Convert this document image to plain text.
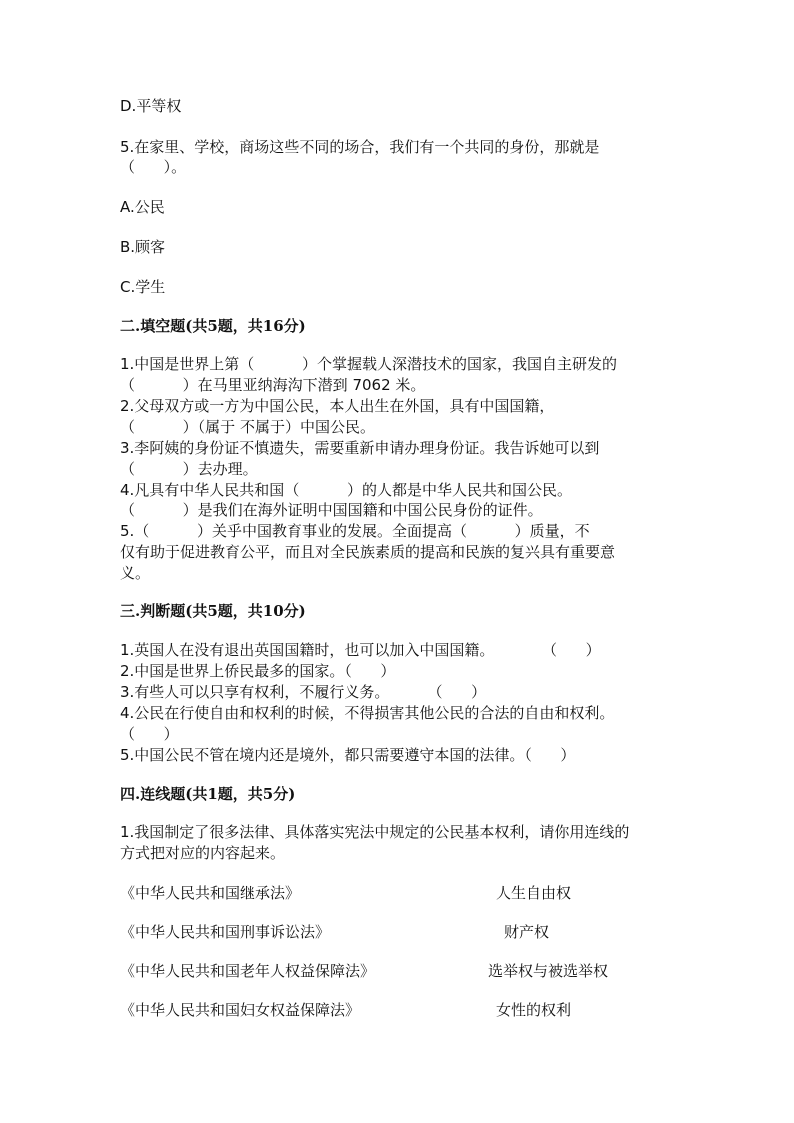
D.平等权
5.在家里、学校，商场这些不同的场合，我们有一个共同的身份，那就是
（      ）。
A.公民
B.顾客
C.学生
二.填空题(共5题，共16分)
1.中国是世界上第（          ）个掌握载人深潜技术的国家，我国自主研发的
（          ）在马里亚纳海沟下潜到 7062 米。
2.父母双方或一方为中国公民，本人出生在外国，具有中国国籍，
（          ）（属于 不属于）中国公民。
3.李阿姨的身份证不慎遗失，需要重新申请办理身份证。我告诉她可以到
（          ）去办理。
4.凡具有中华人民共和国（          ）的人都是中华人民共和国公民。
（          ）是我们在海外证明中国国籍和中国公民身份的证件。
5.（          ）关乎中国教育事业的发展。全面提高（          ）质量，不
仅有助于促进教育公平，而且对全民族素质的提高和民族的复兴具有重要意
义。
三.判断题(共5题，共10分)
1.英国人在没有退出英国国籍时，也可以加入中国国籍。          （      ）
2.中国是世界上侨民最多的国家。（      ）
3.有些人可以只享有权利，不履行义务。        （      ）
4.公民在行使自由和权利的时候，不得损害其他公民的合法的自由和权利。
（      ）
5.中国公民不管在境内还是境外，都只需要遵守本国的法律。（      ）
四.连线题(共1题，共5分)
1.我国制定了很多法律、具体落实宪法中规定的公民基本权利，请你用连线的
方式把对应的内容起来。
《中华人民共和国继承法》	人生自由权
《中华人民共和国刑事诉讼法》	财产权
《中华人民共和国老年人权益保障法》	选举权与被选举权
《中华人民共和国妇女权益保障法》	女性的权利
